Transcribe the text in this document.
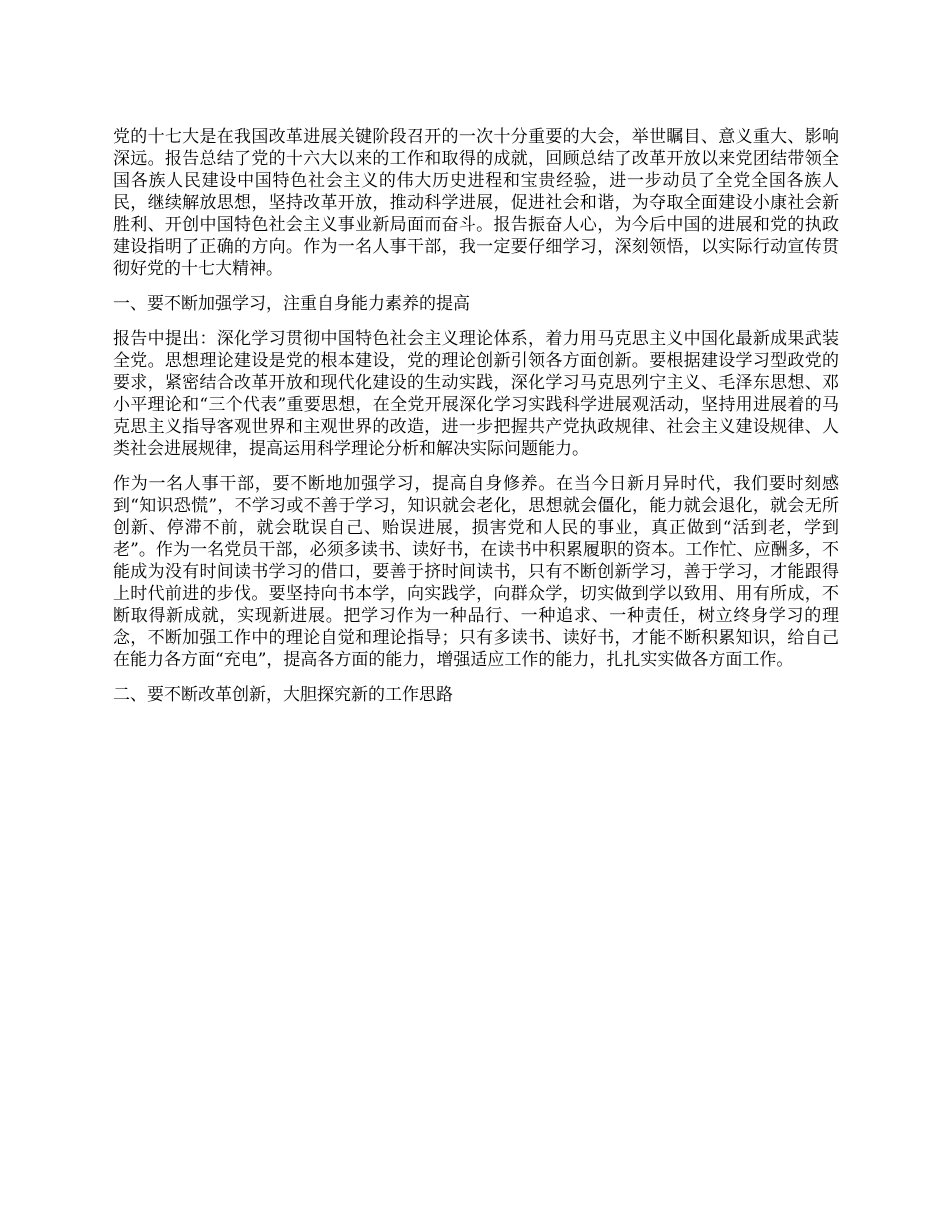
党的十七大是在我国改革进展关键阶段召开的一次十分重要的大会，举世瞩目、意义重大、影响深远。报告总结了党的十六大以来的工作和取得的成就，回顾总结了改革开放以来党团结带领全国各族人民建设中国特色社会主义的伟大历史进程和宝贵经验，进一步动员了全党全国各族人民，继续解放思想，坚持改革开放，推动科学进展，促进社会和谐，为夺取全面建设小康社会新胜利、开创中国特色社会主义事业新局面而奋斗。报告振奋人心，为今后中国的进展和党的执政建设指明了正确的方向。作为一名人事干部，我一定要仔细学习，深刻领悟，以实际行动宣传贯彻好党的十七大精神。

一、要不断加强学习，注重自身能力素养的提高

报告中提出：深化学习贯彻中国特色社会主义理论体系，着力用马克思主义中国化最新成果武装全党。思想理论建设是党的根本建设，党的理论创新引领各方面创新。要根据建设学习型政党的要求，紧密结合改革开放和现代化建设的生动实践，深化学习马克思列宁主义、毛泽东思想、邓小平理论和“三个代表”重要思想，在全党开展深化学习实践科学进展观活动，坚持用进展着的马克思主义指导客观世界和主观世界的改造，进一步把握共产党执政规律、社会主义建设规律、人类社会进展规律，提高运用科学理论分析和解决实际问题能力。

作为一名人事干部，要不断地加强学习，提高自身修养。在当今日新月异时代，我们要时刻感到“知识恐慌”，不学习或不善于学习，知识就会老化，思想就会僵化，能力就会退化，就会无所创新、停滞不前，就会耽误自己、贻误进展，损害党和人民的事业，真正做到“活到老，学到老”。作为一名党员干部，必须多读书、读好书，在读书中积累履职的资本。工作忙、应酬多，不能成为没有时间读书学习的借口，要善于挤时间读书，只有不断创新学习，善于学习，才能跟得上时代前进的步伐。要坚持向书本学，向实践学，向群众学，切实做到学以致用、用有所成，不断取得新成就，实现新进展。把学习作为一种品行、一种追求、一种责任，树立终身学习的理念，不断加强工作中的理论自觉和理论指导；只有多读书、读好书，才能不断积累知识，给自己在能力各方面“充电”，提高各方面的能力，增强适应工作的能力，扎扎实实做各方面工作。

二、要不断改革创新，大胆探究新的工作思路
